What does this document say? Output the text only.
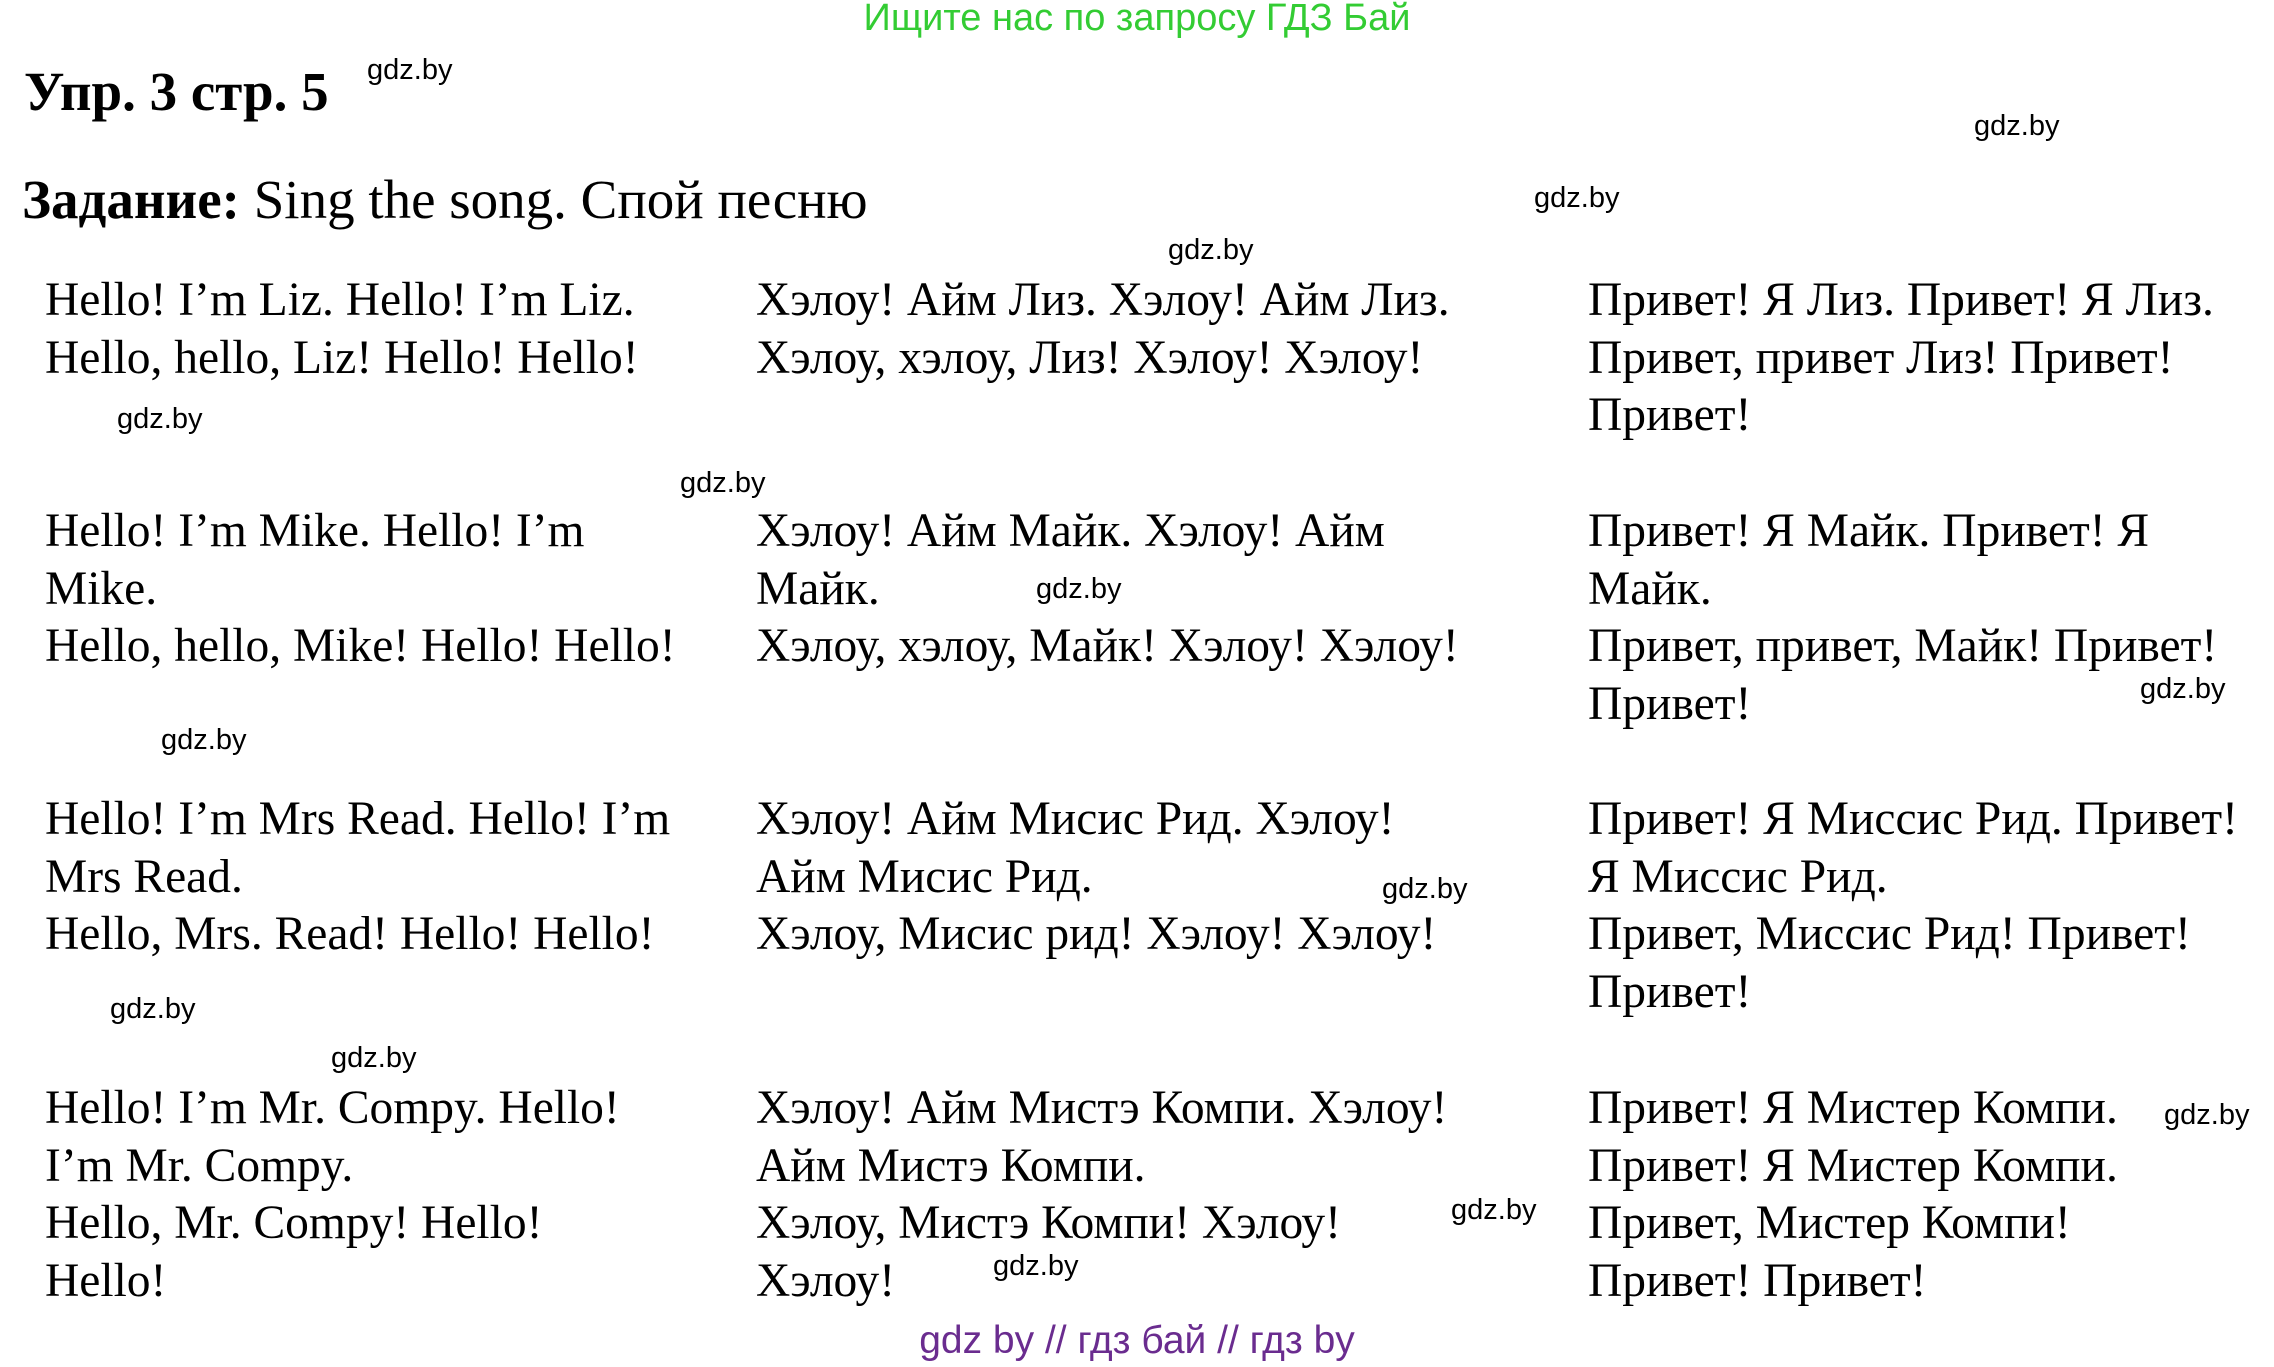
Ищите нас по запросу ГДЗ Бай
Упр. 3 стр. 5
Задание: Sing the song. Спой песню
Hello! I’m Liz. Hello! I’m Liz.
Hello, hello, Liz! Hello! Hello!
Хэлоу! Айм Лиз. Хэлоу! Айм Лиз.
Хэлоу, хэлоу, Лиз! Хэлоу! Хэлоу!
Привет! Я Лиз. Привет! Я Лиз.
Привет, привет Лиз! Привет!
Привет!
Hello! I’m Mike. Hello! I’m
Mike.
Hello, hello, Mike! Hello! Hello!
Хэлоу! Айм Майк. Хэлоу! Айм
Майк.
Хэлоу, хэлоу, Майк! Хэлоу! Хэлоу!
Привет! Я Майк. Привет! Я
Майк.
Привет, привет, Майк! Привет!
Привет!
Hello! I’m Mrs Read. Hello! I’m
Mrs Read.
Hello, Mrs. Read! Hello! Hello!
Хэлоу! Айм Мисис Рид. Хэлоу!
Айм Мисис Рид.
Хэлоу, Мисис рид! Хэлоу! Хэлоу!
Привет! Я Миссис Рид. Привет!
Я Миссис Рид.
Привет, Миссис Рид! Привет!
Привет!
Hello! I’m Mr. Compy. Hello!
I’m Mr. Compy.
Hello, Mr. Compy! Hello!
Hello!
Хэлоу! Айм Мистэ Компи. Хэлоу!
Айм Мистэ Компи.
Хэлоу, Мистэ Компи! Хэлоу!
Хэлоу!
Привет! Я Мистер Компи.
Привет! Я Мистер Компи.
Привет, Мистер Компи!
Привет! Привет!
gdz.by
gdz.by
gdz.by
gdz.by
gdz.by
gdz.by
gdz.by
gdz.by
gdz.by
gdz.by
gdz.by
gdz.by
gdz.by
gdz.by
gdz.by
gdz by // гдз бай // гдз by
